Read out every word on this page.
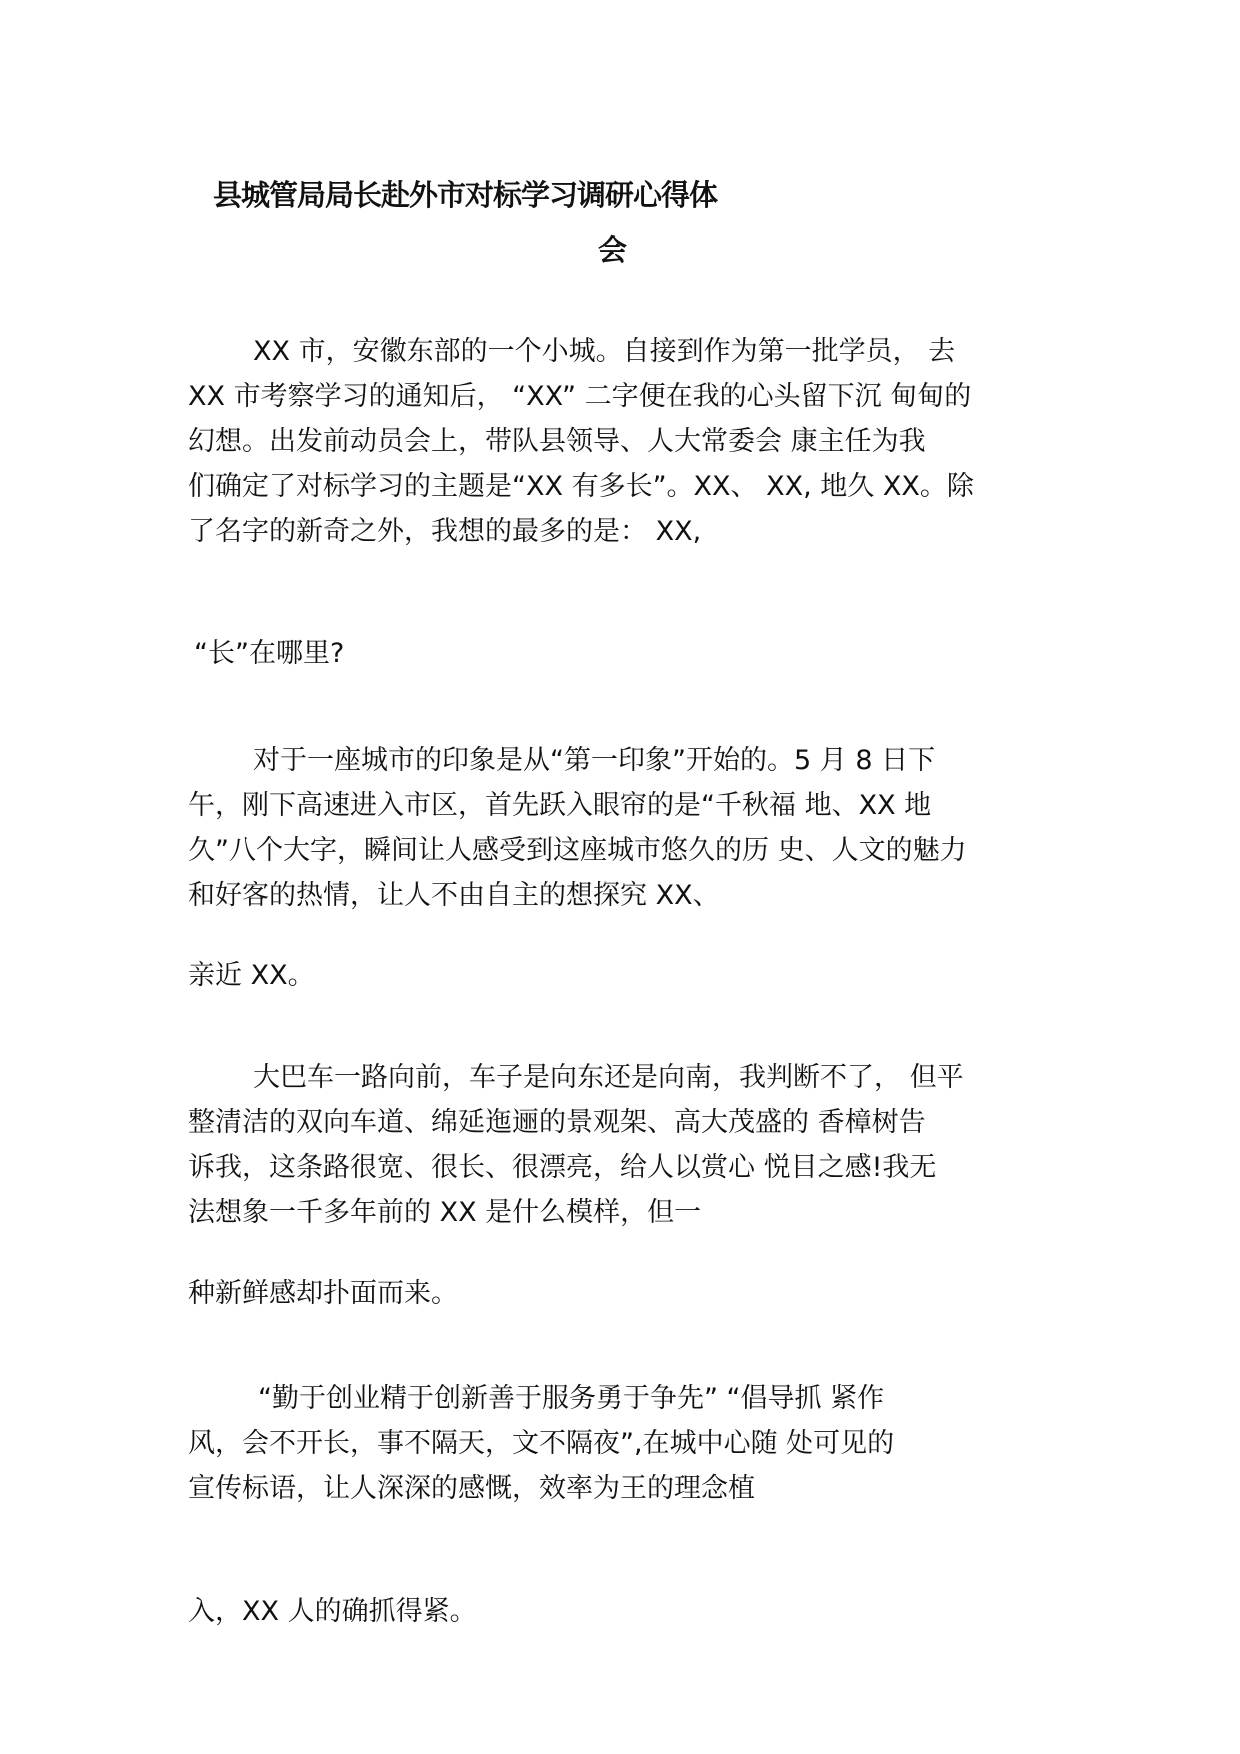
县城管局局长赴外市对标学习调研心得体
会
XX 市，安徽东部的一个小城。自接到作为第一批学员， 去
XX 市考察学习的通知后， “XX” 二字便在我的心头留下沉 甸甸的
幻想。出发前动员会上，带队县领导、人大常委会 康主任为我
们确定了对标学习的主题是“XX 有多长”。XX、 XX, 地久 XX。除
了名字的新奇之外，我想的最多的是： XX,
“长”在哪里?
对于一座城市的印象是从“第一印象”开始的。5 月 8 日下
午，刚下高速进入市区，首先跃入眼帘的是“千秋福 地、XX 地
久”八个大字，瞬间让人感受到这座城市悠久的历 史、人文的魅力
和好客的热情，让人不由自主的想探究 XX、
亲近 XX。
大巴车一路向前，车子是向东还是向南，我判断不了， 但平
整清洁的双向车道、绵延迤逦的景观架、高大茂盛的 香樟树告
诉我，这条路很宽、很长、很漂亮，给人以赏心 悦目之感!我无
法想象一千多年前的 XX 是什么模样，但一
种新鲜感却扑面而来。
“勤于创业精于创新善于服务勇于争先” “倡导抓 紧作
风，会不开长，事不隔天，文不隔夜”,在城中心随 处可见的
宣传标语，让人深深的感慨，效率为王的理念植
入，XX 人的确抓得紧。
